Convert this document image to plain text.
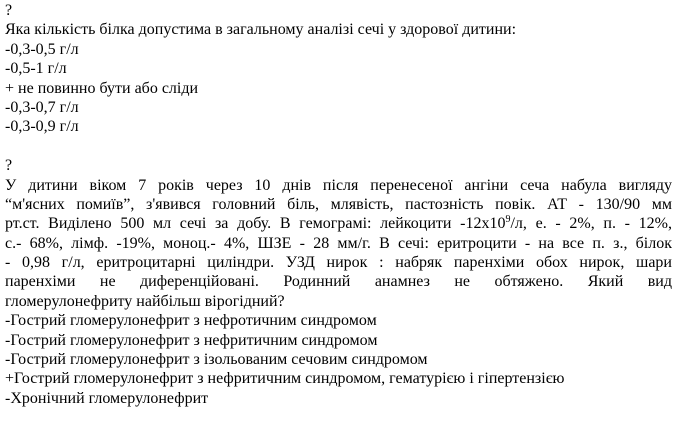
?
Яка кількість білка допустима в загальному аналізі сечі у здорової дитини:
-0,3-0,5 г/л
-0,5-1 г/л
+ не повинно бути або сліди
-0,3-0,7 г/л
-0,3-0,9 г/л
?
У дитини віком 7 років через 10 днів після перенесеної ангіни сеча набула вигляду
“м'ясних помиїв”, з'явився головний біль, млявість, пастозність повік. АТ - 130/90 мм
рт.ст. Виділено 500 мл сечі за добу. В гемограмі: лейкоцити $-12х10^9/л$, е. - 2%, п. - 12%,
с.- 68%, лімф. -19%, моноц.- 4%, ШЗЕ - 28 мм/г. В сечі: еритроцити - на все п. з., білок
- 0,98 г/л, еритроцитарні циліндри. УЗД нирок : набряк паренхіми обох нирок, шари
паренхіми не диференційовані. Родинний анамнез не обтяжено. Який вид
гломерулонефриту найбільш вірогідний?
-Гострий гломерулонефрит з нефротичним синдромом
-Гострий гломерулонефрит з нефритичним синдромом
-Гострий гломерулонефрит з ізольованим сечовим синдромом
+Гострий гломерулонефрит з нефритичним синдромом, гематурією і гіпертензією
-Хронічний гломерулонефрит
